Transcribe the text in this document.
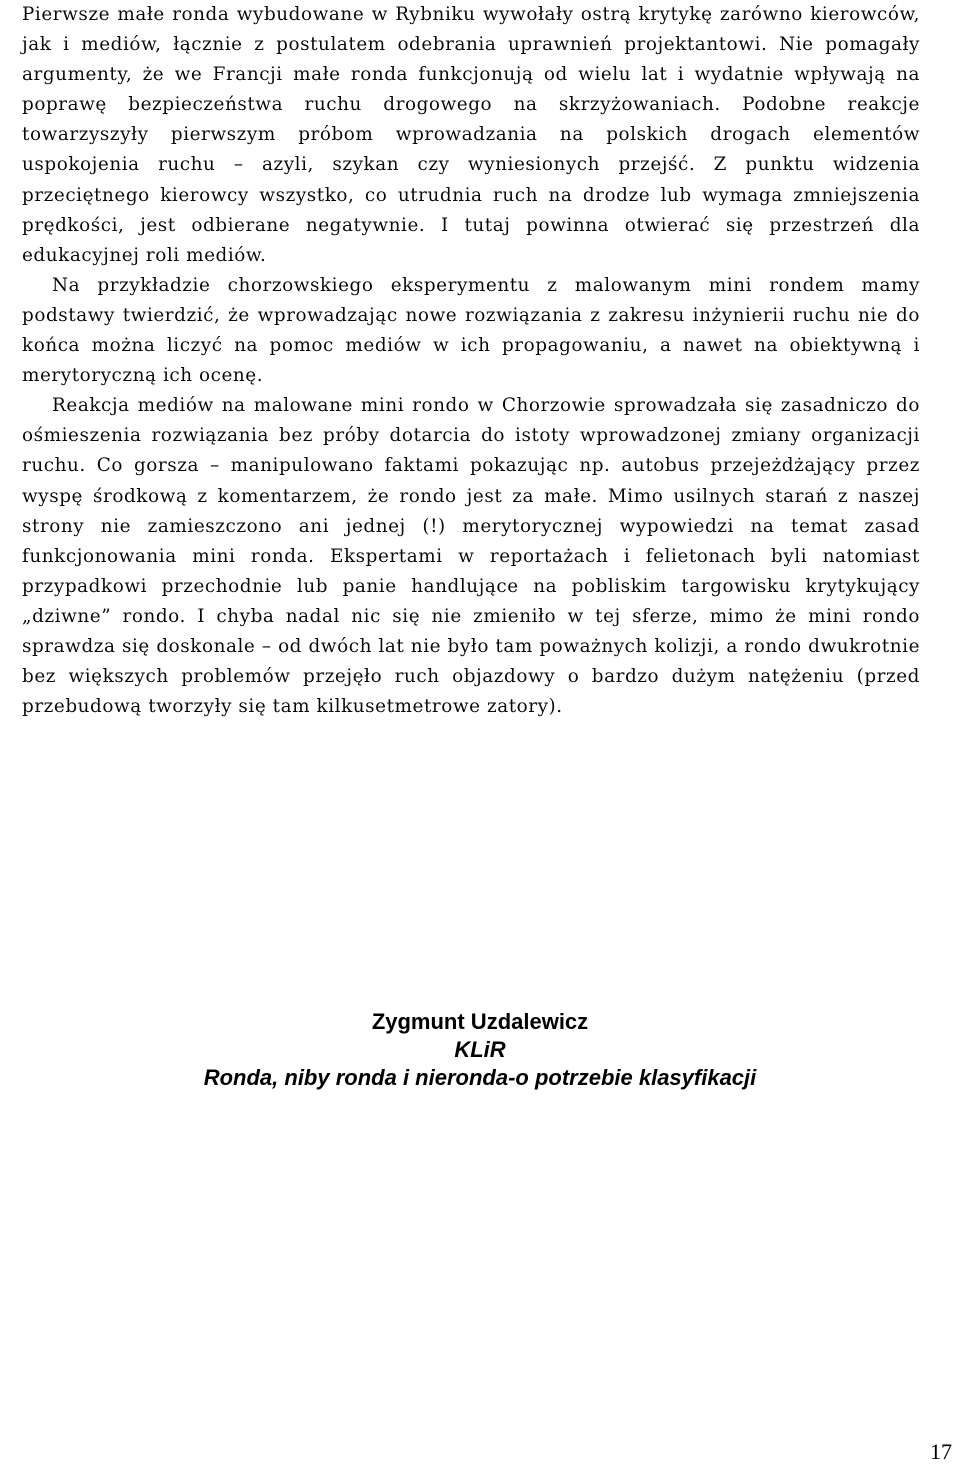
Pierwsze małe ronda wybudowane w Rybniku wywołały ostrą krytykę zarówno kierowców, jak i mediów, łącznie z postulatem odebrania uprawnień projektantowi. Nie pomagały argumenty, że we Francji małe ronda funkcjonują od wielu lat i wydatnie wpływają na poprawę bezpieczeństwa ruchu drogowego na skrzyżowaniach. Podobne reakcje towarzyszyły pierwszym próbom wprowadzania na polskich drogach elementów uspokojenia ruchu – azyli, szykan czy wyniesionych przejść. Z punktu widzenia przeciętnego kierowcy wszystko, co utrudnia ruch na drodze lub wymaga zmniejszenia prędkości, jest odbierane negatywnie. I tutaj powinna otwierać się przestrzeń dla edukacyjnej roli mediów.

Na przykładzie chorzowskiego eksperymentu z malowanym mini rondem mamy podstawy twierdzić, że wprowadzając nowe rozwiązania z zakresu inżynierii ruchu nie do końca można liczyć na pomoc mediów w ich propagowaniu, a nawet na obiektywną i merytoryczną ich ocenę.

Reakcja mediów na malowane mini rondo w Chorzowie sprowadzała się zasadniczo do ośmieszenia rozwiązania bez próby dotarcia do istoty wprowadzonej zmiany organizacji ruchu. Co gorsza – manipulowano faktami pokazując np. autobus przejeżdżający przez wyspę środkową z komentarzem, że rondo jest za małe. Mimo usilnych starań z naszej strony nie zamieszczono ani jednej (!) merytorycznej wypowiedzi na temat zasad funkcjonowania mini ronda. Ekspertami w reportażach i felietonach byli natomiast przypadkowi przechodnie lub panie handlujące na pobliskim targowisku krytykujący „dziwne” rondo. I chyba nadal nic się nie zmieniło w tej sferze, mimo że mini rondo sprawdza się doskonale – od dwóch lat nie było tam poważnych kolizji, a rondo dwukrotnie bez większych problemów przejęło ruch objazdowy o bardzo dużym natężeniu (przed przebudową tworzyły się tam kilkusetmetrowe zatory).

Zygmunt Uzdalewicz
KLiR
Ronda, niby ronda i nieronda-o potrzebie klasyfikacji
17
